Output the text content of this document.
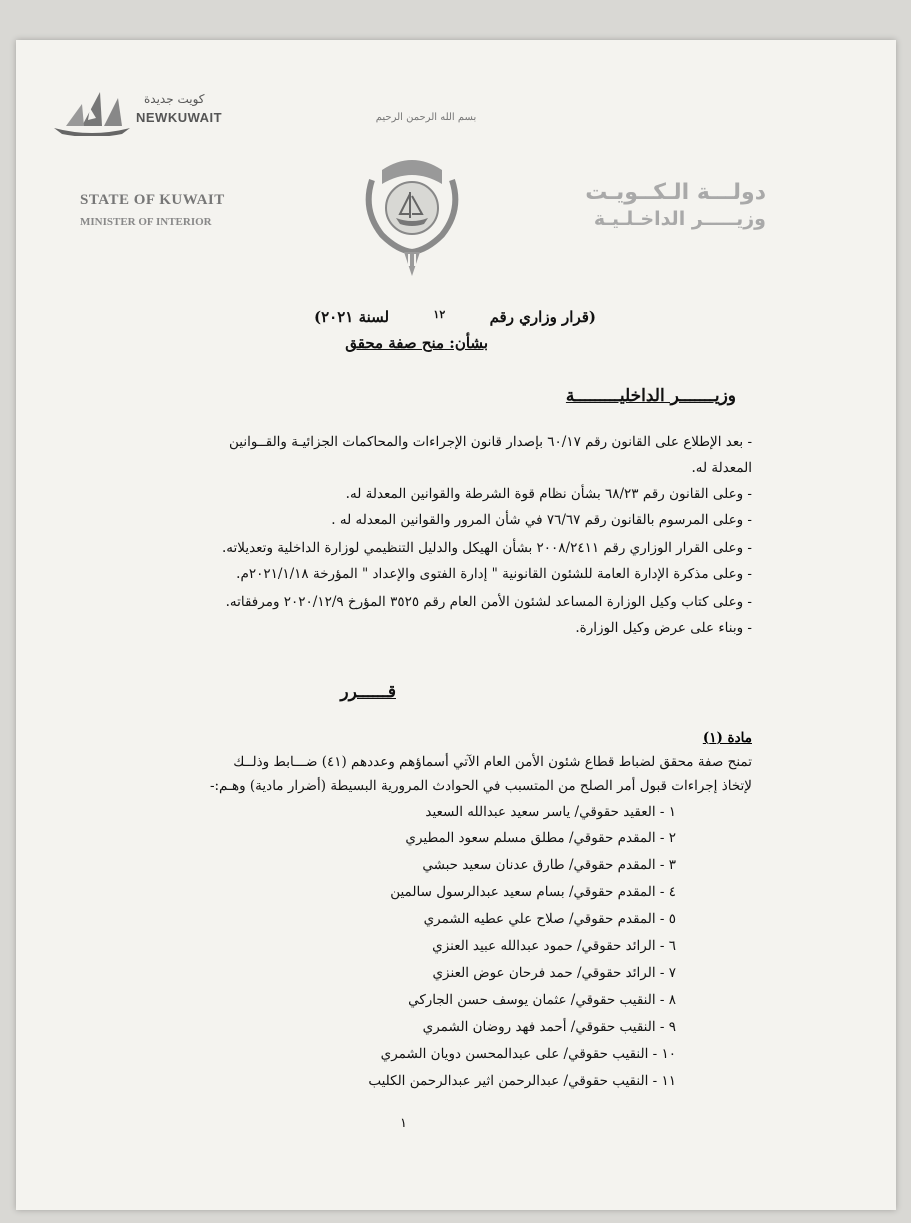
كويت جديدة
NEWKUWAIT	بسم الله الرحمن الرحيم
STATE OF KUWAIT
MINISTER OF INTERIOR
دولـــة الـكــويـت
وزيـــــر الداخـلـيـة
(قرار وزاري رقم ١٢ لسنة ٢٠٢١)
بشأن: منح صفة محقق
وزيـــــــر الداخليـــــــــة
- بعد الإطلاع على القانون رقم ٦٠/١٧ بإصدار قانون الإجراءات والمحاكمات الجزائيـة والقــوانين
المعدلة له.
- وعلى القانون رقم ٦٨/٢٣ بشأن نظام قوة الشرطة والقوانين المعدلة له.
- وعلى المرسوم بالقانون رقم ٧٦/٦٧ في شأن المرور والقوانين المعدله له .
- وعلى القرار الوزاري رقم ٢٠٠٨/٢٤١١ بشأن الهيكل والدليل التنظيمي لوزارة الداخلية وتعديلاته.
- وعلى مذكرة الإدارة العامة للشئون القانونية " إدارة الفتوى والإعداد " المؤرخة ٢٠٢١/١/١٨م.
- وعلى كتاب وكيل الوزارة المساعد لشئون الأمن العام رقم ٣٥٢٥ المؤرخ ٢٠٢٠/١٢/٩ ومرفقاته.
- وبناء على عرض وكيل الوزارة.
قــــــرر
مادة (١)
تمنح صفة محقق لضباط قطاع شئون الأمن العام الآتي أسماؤهم وعددهم (٤١) ضـــابط وذلــك
لإتخاذ إجراءات قبول أمر الصلح من المتسبب في الحوادث المرورية البسيطة (أضرار مادية) وهـم:-
١ - العقيد حقوقي/ ياسر سعيد عبدالله السعيد
٢ - المقدم حقوقي/ مطلق مسلم سعود المطيري
٣ - المقدم حقوقي/ طارق عدنان سعيد حبشي
٤ - المقدم حقوقي/ بسام سعيد عبدالرسول سالمين
٥ - المقدم حقوقي/ صلاح علي عطيه الشمري
٦ - الرائد حقوقي/ حمود عبدالله عبيد العنزي
٧ - الرائد حقوقي/ حمد فرحان عوض العنزي
٨ - النقيب حقوقي/ عثمان يوسف حسن الجاركي
٩ - النقيب حقوقي/ أحمد فهد روضان الشمري
١٠ - النقيب حقوقي/ على عبدالمحسن دويان الشمري
١١ - النقيب حقوقي/ عبدالرحمن اثير عبدالرحمن الكليب
١
